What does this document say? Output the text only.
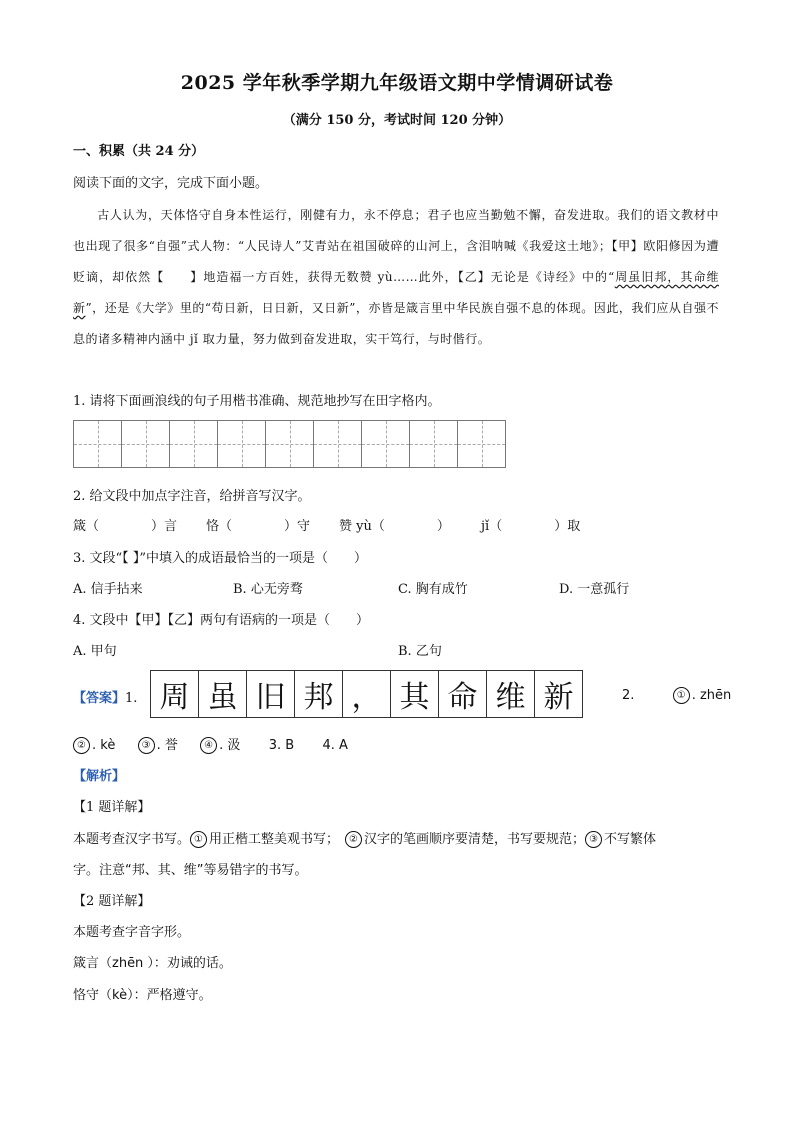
2025 学年秋季学期九年级语文期中学情调研试卷
（满分 150 分，考试时间 120 分钟）
一、积累（共 24 分）
阅读下面的文字，完成下面小题。
古人认为，天体恪守自身本性运行，刚健有力，永不停息；君子也应当勤勉不懈，奋发进取。我们的语文教材中也出现了很多“自强”式人物：“人民诗人”艾青站在祖国破碎的山河上，含泪呐喊《我爱这土地》；【甲】欧阳修因为遭贬谪，却依然【　　】地造福一方百姓，获得无数赞 yù……此外，【乙】无论是《诗经》中的“周虽旧邦，其命维新”，还是《大学》里的“苟日新，日日新，又日新”，亦皆是箴言里中华民族自强不息的体现。因此，我们应从自强不息的诸多精神内涵中 jǐ 取力量，努力做到奋发进取，实干笃行，与时偕行。
1. 请将下面画浪线的句子用楷书准确、规范地抄写在田字格内。
2. 给文段中加点字注音，给拼音写汉字。
箴（　　　　）言 恪（　　　　）守 赞 yù（　　　　） jǐ（　　　　）取
3. 文段“【 】”中填入的成语最恰当的一项是（　　）
A. 信手拈来	B. 心无旁骛	C. 胸有成竹	D. 一意孤行
4. 文段中【甲】【乙】两句有语病的一项是（　　）
A. 甲句	B. 乙句
【答案】1. 周 虽 旧 邦 ， 其 命 维 新	2.	① . zhēn
② . kè	③ . 誉	④ . 汲 3. B 4. A
【解析】
【1 题详解】
本题考查汉字书写。 ① 用正楷工整美观书写； ② 汉字的笔画顺序要清楚，书写要规范； ③ 不写繁体
字。注意“邦、其、维”等易错字的书写。
【2 题详解】
本题考查字音字形。
箴言（zhēn ）：劝诫的话。
恪守（kè）：严格遵守。
